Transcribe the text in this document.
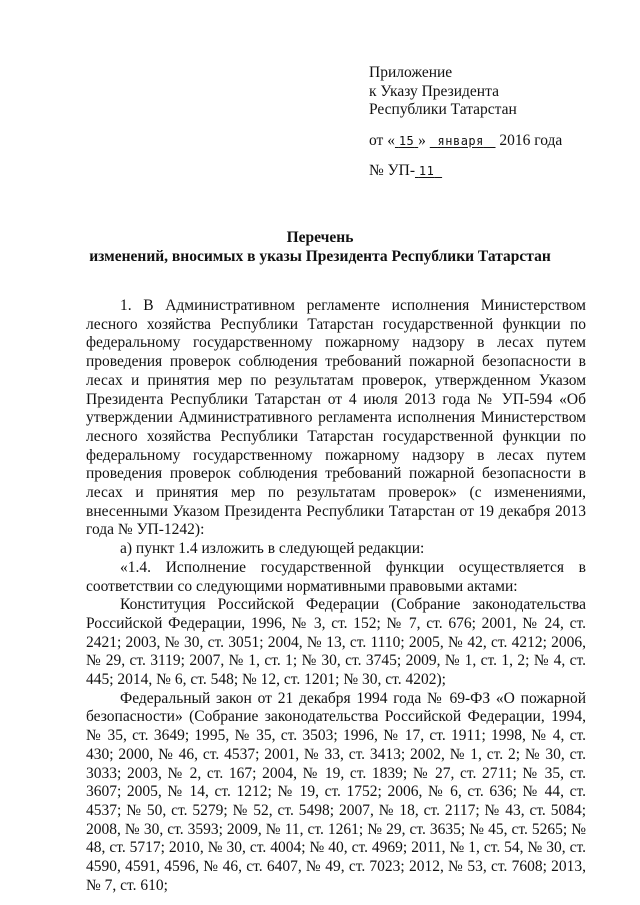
Приложение
к Указу Президента
Республики Татарстан
от « 15 » января 2016 года
№ УП- 11
Перечень
изменений, вносимых в указы Президента Республики Татарстан

1. В Административном регламенте исполнения Министерством лесного хозяйства Республики Татарстан государственной функции по федеральному государственному пожарному надзору в лесах путем проведения проверок соблюдения требований пожарной безопасности в лесах и принятия мер по результатам проверок, утвержденном Указом Президента Республики Татарстан от 4 июля 2013 года № УП-594 «Об утверждении Административного регламента исполнения Министерством лесного хозяйства Республики Татарстан государственной функции по федеральному государственному пожарному надзору в лесах путем проведения проверок соблюдения требований пожарной безопасности в лесах и принятия мер по результатам проверок» (с изменениями, внесенными Указом Президента Республики Татарстан от 19 декабря 2013 года № УП-1242):

а) пункт 1.4 изложить в следующей редакции:

«1.4. Исполнение государственной функции осуществляется в соответствии со следующими нормативными правовыми актами:

Конституция Российской Федерации (Собрание законодательства Российской Федерации, 1996, № 3, ст. 152; № 7, ст. 676; 2001, № 24, ст. 2421; 2003, № 30, ст. 3051; 2004, № 13, ст. 1110; 2005, № 42, ст. 4212; 2006, № 29, ст. 3119; 2007, № 1, ст. 1; № 30, ст. 3745; 2009, № 1, ст. 1, 2; № 4, ст. 445; 2014, № 6, ст. 548; № 12, ст. 1201; № 30, ст. 4202);

Федеральный закон от 21 декабря 1994 года № 69-ФЗ «О пожарной безопасности» (Собрание законодательства Российской Федерации, 1994, № 35, ст. 3649; 1995, № 35, ст. 3503; 1996, № 17, ст. 1911; 1998, № 4, ст. 430; 2000, № 46, ст. 4537; 2001, № 33, ст. 3413; 2002, № 1, ст. 2; № 30, ст. 3033; 2003, № 2, ст. 167; 2004, № 19, ст. 1839; № 27, ст. 2711; № 35, ст. 3607; 2005, № 14, ст. 1212; № 19, ст. 1752; 2006, № 6, ст. 636; № 44, ст. 4537; № 50, ст. 5279; № 52, ст. 5498; 2007, № 18, ст. 2117; № 43, ст. 5084; 2008, № 30, ст. 3593; 2009, № 11, ст. 1261; № 29, ст. 3635; № 45, ст. 5265; № 48, ст. 5717; 2010, № 30, ст. 4004; № 40, ст. 4969; 2011, № 1, ст. 54, № 30, ст. 4590, 4591, 4596, № 46, ст. 6407, № 49, ст. 7023; 2012, № 53, ст. 7608; 2013, № 7, ст. 610;
